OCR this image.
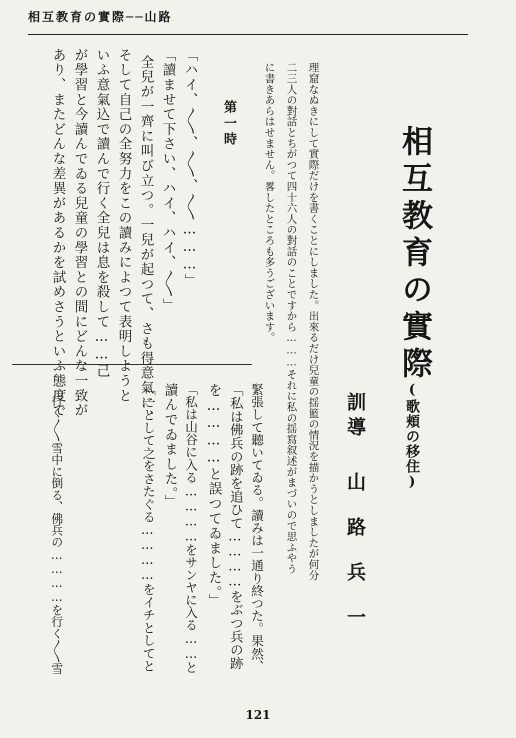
相互教育の實際──山路
相互教育の實際
(歌頬の移住)
訓導
山路兵一
理窟なぬきにして實際だけを書くことにしました。出來るだけ兒童の揺籃の情況を描かうとしましたが何分
二三人の對話とちがつて四十六人の對話のことですから………それに私の揺寫叙述がまづいので思ふやう
に書きあらはせません。畧したところも多うございます。
第一時
「ハイ、〳〵、〳〵、〳〵………」
「讀ませて下さい、ハイ、ハイ、〳〵」
全兒が一齊に叫び立つ。一兒が起つて、さも得意氣に、
そして自己の全努力をこの讀みによつて表明しようと
いふ意氣込で讀んで行く全兒は息を殺して……己
が學習と今讀んでゐる兒童の學習との間にどんな一致が
あり、またどんな差異があるかを試めさうといふ態度で
緊張して聽いてゐる。讀みは一通り終つた。果然、
「私は佛兵の跡を追ひて…………をぶつ兵の跡
を…………と誤つてゐました。」
「私は山谷に入る…………をサンヤに入る……と
讀んでゐました。」
「一として之をさたぐる…………をイチとしてと
「行く〳〵雪中に倒る、佛兵の…………を行く〳〵雪
121
